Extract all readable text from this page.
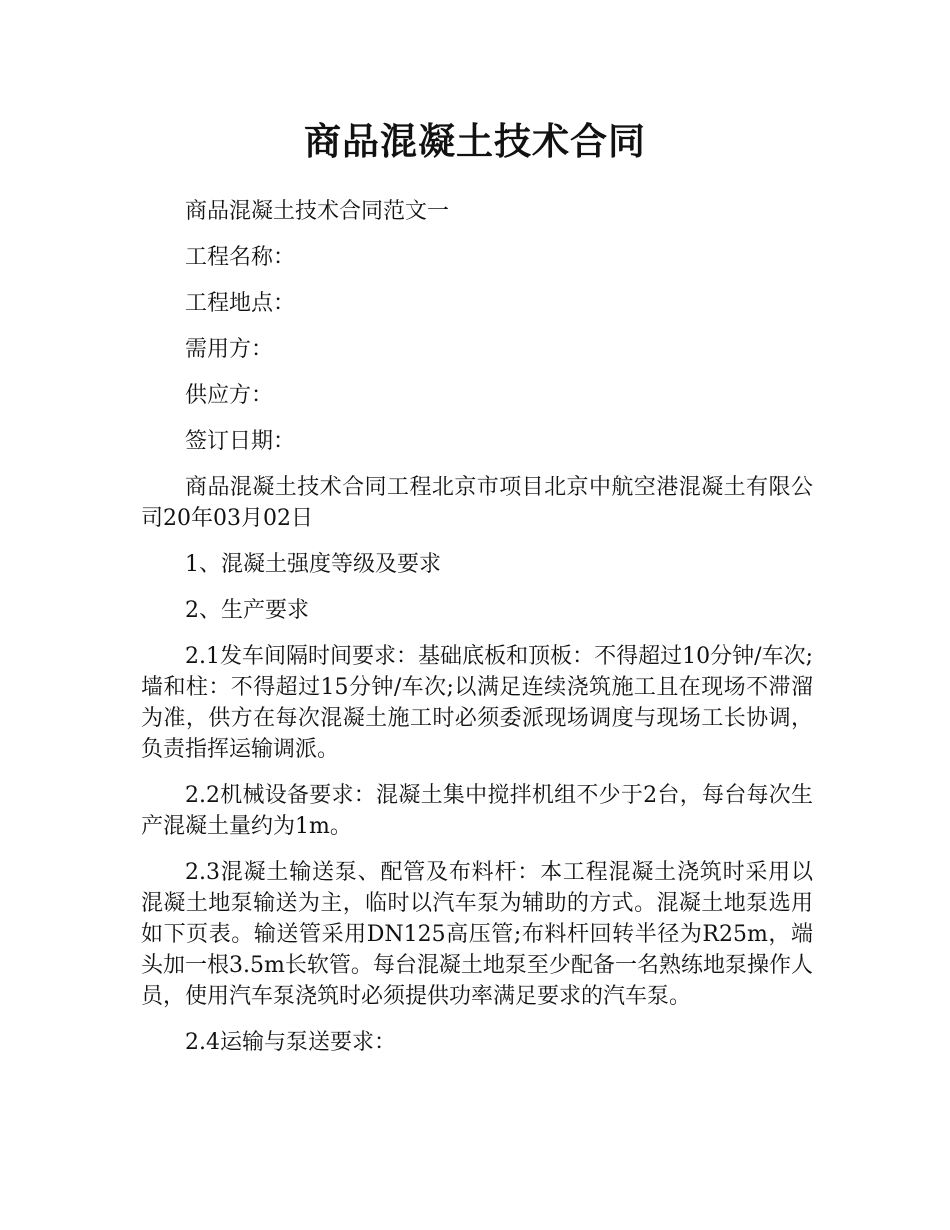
商品混凝土技术合同

商品混凝土技术合同范文一

工程名称：

工程地点：

需用方：

供应方：

签订日期：

商品混凝土技术合同工程北京市项目北京中航空港混凝土有限公司20年03月02日

1、混凝土强度等级及要求

2、生产要求

2.1发车间隔时间要求：基础底板和顶板：不得超过10分钟/车次;墙和柱：不得超过15分钟/车次;以满足连续浇筑施工且在现场不滞溜为准，供方在每次混凝土施工时必须委派现场调度与现场工长协调，负责指挥运输调派。

2.2机械设备要求：混凝土集中搅拌机组不少于2台，每台每次生产混凝土量约为1m。

2.3混凝土输送泵、配管及布料杆：本工程混凝土浇筑时采用以混凝土地泵输送为主，临时以汽车泵为辅助的方式。混凝土地泵选用如下页表。输送管采用DN125高压管;布料杆回转半径为R25m，端头加一根3.5m长软管。每台混凝土地泵至少配备一名熟练地泵操作人员，使用汽车泵浇筑时必须提供功率满足要求的汽车泵。

2.4运输与泵送要求：
